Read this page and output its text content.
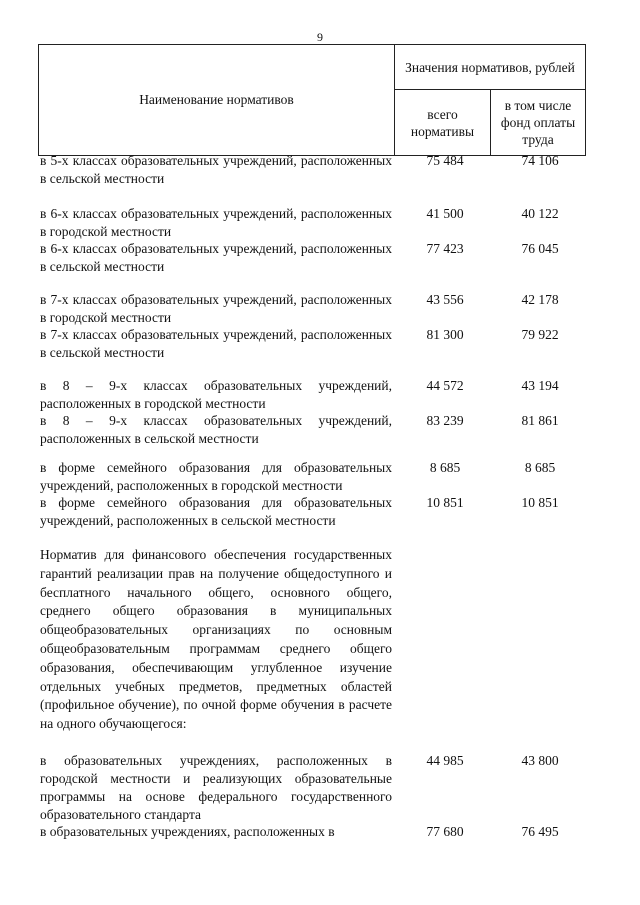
9
Наименование нормативов
Значения нормативов, рублей
всего нормативы
в том числе фонд оплаты труда
в 5-х классах образовательных учреждений, расположенных в сельской местности
75 484	74 106
в 6-х классах образовательных учреждений, расположенных в городской местности
41 500	40 122
в 6-х классах образовательных учреждений, расположенных в сельской местности
77 423	76 045
в 7-х классах образовательных учреждений, расположенных в городской местности
43 556	42 178
в 7-х классах образовательных учреждений, расположенных в сельской местности
81 300	79 922
в 8 – 9-х классах образовательных учреждений, расположенных в городской местности
44 572	43 194
в 8 – 9-х классах образовательных учреждений, расположенных в сельской местности
83 239	81 861
в форме семейного образования для образовательных учреждений, расположенных в городской местности
8 685	8 685
в форме семейного образования для образовательных учреждений, расположенных в сельской местности
10 851	10 851
Норматив для финансового обеспечения государственных гарантий реализации прав на получение общедоступного и бесплатного начального общего, основного общего, среднего общего образования в муниципальных общеобразовательных организациях по основным общеобразовательным программам среднего общего образования, обеспечивающим углубленное изучение отдельных учебных предметов, предметных областей (профильное обучение), по очной форме обучения в расчете на одного обучающегося:
в образовательных учреждениях, расположенных в городской местности и реализующих образовательные программы на основе федерального государственного образовательного стандарта
44 985	43 800
в образовательных учреждениях, расположенных в	77 680	76 495
